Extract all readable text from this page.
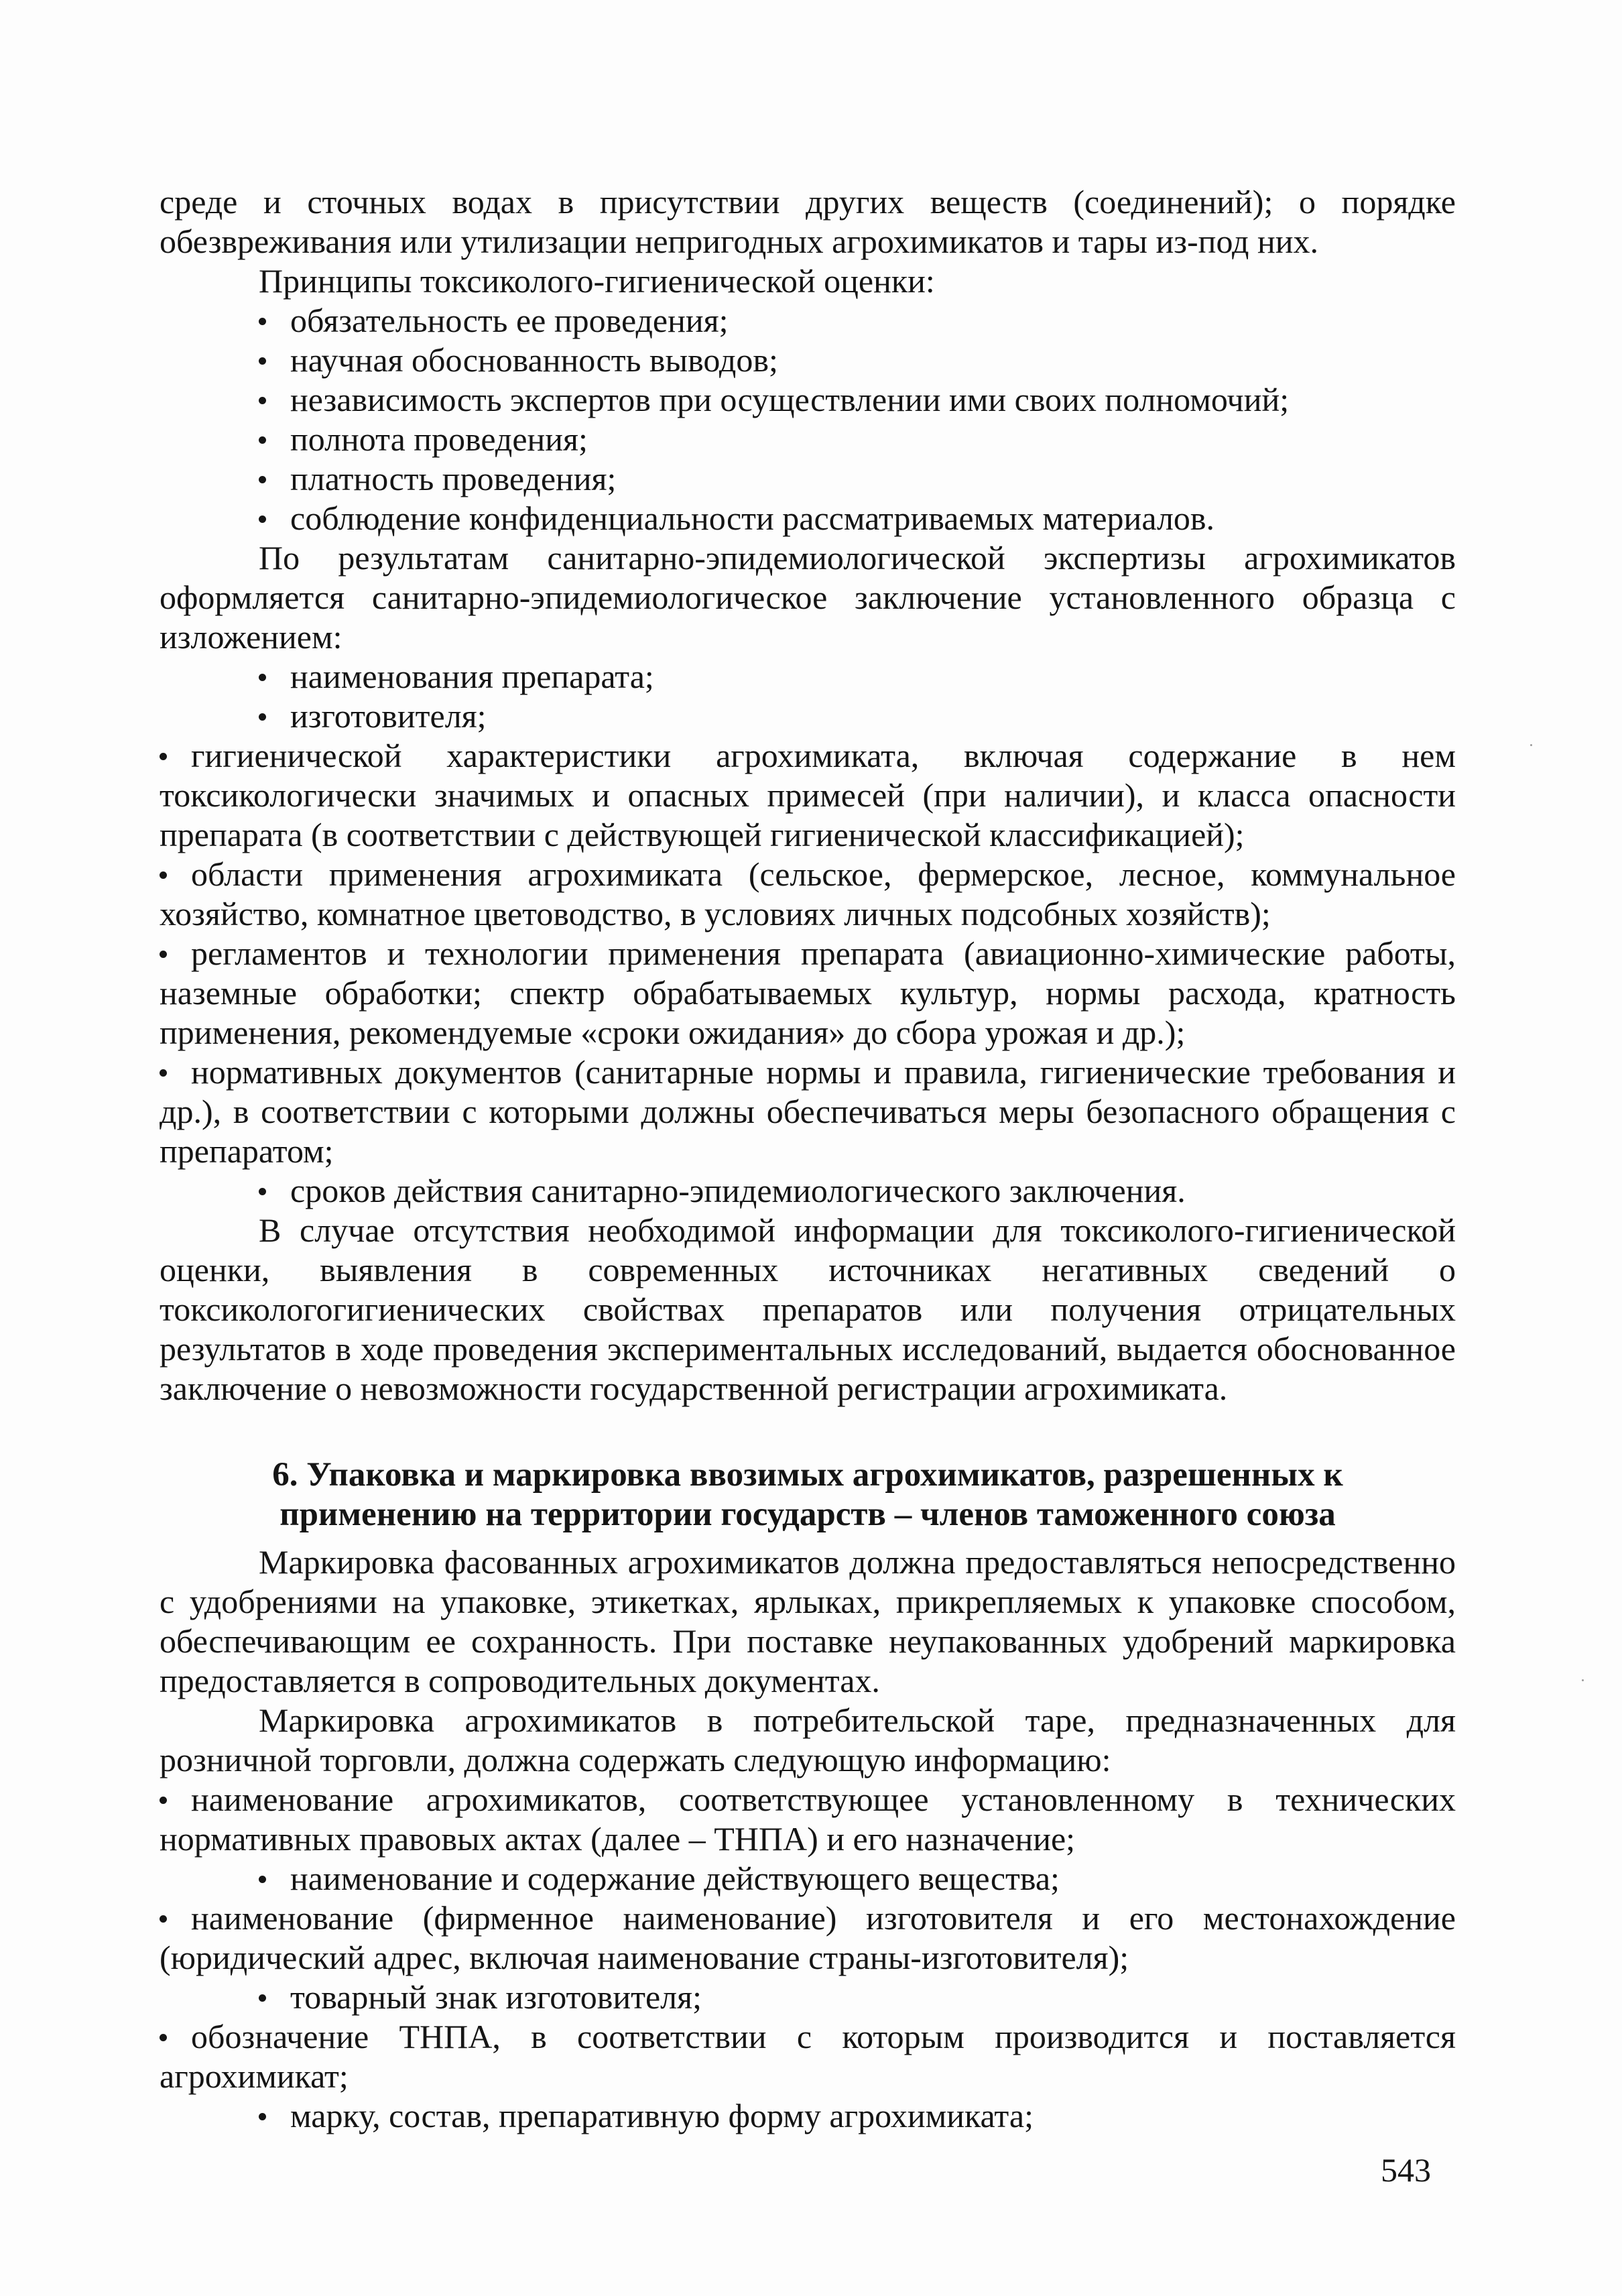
среде и сточных водах в присутствии других веществ (соединений); о порядке обезвреживания или утилизации непригодных агрохимикатов и тары из-под них.

Принципы токсиколого-гигиенической оценки:

обязательность ее проведения;

научная обоснованность выводов;

независимость экспертов при осуществлении ими своих полномочий;

полнота проведения;

платность проведения;

соблюдение конфиденциальности рассматриваемых материалов.

По результатам санитарно-эпидемиологической экспертизы агрохимикатов оформляется санитарно-эпидемиологическое заключение установленного образца с изложением:

наименования препарата;

изготовителя;

гигиенической характеристики агрохимиката, включая содержание в нем токсикологически значимых и опасных примесей (при наличии), и класса опасности препарата (в соответствии с действующей гигиенической классификацией);

области применения агрохимиката (сельское, фермерское, лесное, коммунальное хозяйство, комнатное цветоводство, в условиях личных подсобных хозяйств);

регламентов и технологии применения препарата (авиационно-химические работы, наземные обработки; спектр обрабатываемых культур, нормы расхода, кратность применения, рекомендуемые «сроки ожидания» до сбора урожая и др.);

нормативных документов (санитарные нормы и правила, гигиенические требования и др.), в соответствии с которыми должны обеспечиваться меры безопасного обращения с препаратом;

сроков действия санитарно-эпидемиологического заключения.

В случае отсутствия необходимой информации для токсиколого-гигиенической оценки, выявления в современных источниках негативных сведений о токсикологогигиенических свойствах препаратов или получения отрицательных результатов в ходе проведения экспериментальных исследований, выдается обоснованное заключение о невозможности государственной регистрации агрохимиката.

6. Упаковка и маркировка ввозимых агрохимикатов, разрешенных к
применению на территории государств – членов таможенного союза

Маркировка фасованных агрохимикатов должна предоставляться непосредственно с удобрениями на упаковке, этикетках, ярлыках, прикрепляемых к упаковке способом, обеспечивающим ее сохранность. При поставке неупакованных удобрений маркировка предоставляется в сопроводительных документах.

Маркировка агрохимикатов в потребительской таре, предназначенных для розничной торговли, должна содержать следующую информацию:

наименование агрохимикатов, соответствующее установленному в технических нормативных правовых актах (далее – ТНПА) и его назначение;

наименование и содержание действующего вещества;

наименование (фирменное наименование) изготовителя и его местонахождение (юридический адрес, включая наименование страны-изготовителя);

товарный знак изготовителя;

обозначение ТНПА, в соответствии с которым производится и поставляется агрохимикат;

марку, состав, препаративную форму агрохимиката;

543
